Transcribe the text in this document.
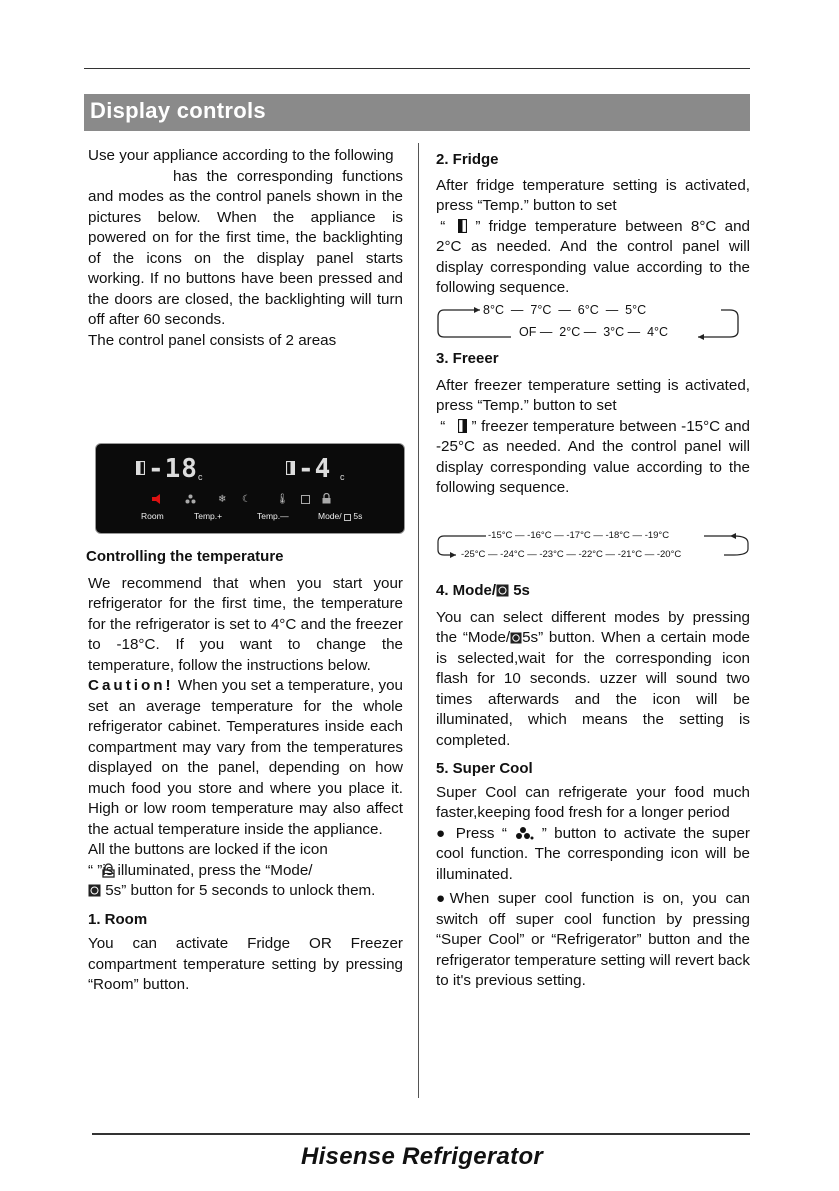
Display controls

Use your appliance according to the following

has the corresponding functions and modes as the control panels shown in the pictures below. When the appliance is powered on for the first time, the backlighting of the icons on the display panel starts working. If no buttons have been pressed and the doors are closed, the backlighting will turn off after 60 seconds.

The control panel consists of 2 areas

-18 c	-4 c
❄ ☾	🌡
Room	Temp.+	Temp.—	Mode/ 5s

Controlling the temperature

We recommend that when you start your refrigerator for the first time, the temperature for the refrigerator is set to 4°C and the freezer to -18°C. If you want to change the temperature, follow the instructions below.

Caution! When you set a temperature, you set an average temperature for the whole refrigerator cabinet. Temperatures inside each compartment may vary from the temperatures displayed on the panel, depending on how much food you store and where you place it. High or low room temperature may also affect the actual temperature inside the appliance.

All the buttons are locked if the icon

“ ”is illuminated, press the “Mode/

5s” button for 5 seconds to unlock them.

1. Room

You can activate Fridge OR Freezer compartment temperature setting by pressing “Room” button.

2. Fridge

After fridge temperature setting is activated, press “Temp.” button to set

“ ” fridge temperature between 8°C and 2°C as needed. And the control panel will display corresponding value according to the following sequence.

8°C  —  7°C  —  6°C  —  5°C
OF —  2°C —  3°C —  4°C

3. Freeer

After freezer temperature setting is activated, press “Temp.” button to set

“ ” freezer temperature between -15°C and -25°C as needed. And the control panel will display corresponding value according to the following sequence.

-15°C — -16°C — -17°C — -18°C — -19°C
-25°C — -24°C — -23°C — -22°C — -21°C — -20°C

4. Mode/ 5s

You can select different modes by pressing the “Mode/ 5s” button. When a certain mode is selected,wait for the corresponding icon flash for 10 seconds. uzzer will sound two times afterwards and the icon will be illuminated, which means the setting is completed.

5. Super Cool

Super Cool can refrigerate your food much faster,keeping food fresh for a longer period

● Press “ ” button to activate the super cool function. The corresponding icon will be illuminated.

●When super cool function is on, you can switch off super cool function by pressing “Super Cool” or “Refrigerator” button and the refrigerator temperature setting will revert back to it's previous setting.

Hisense Refrigerator
